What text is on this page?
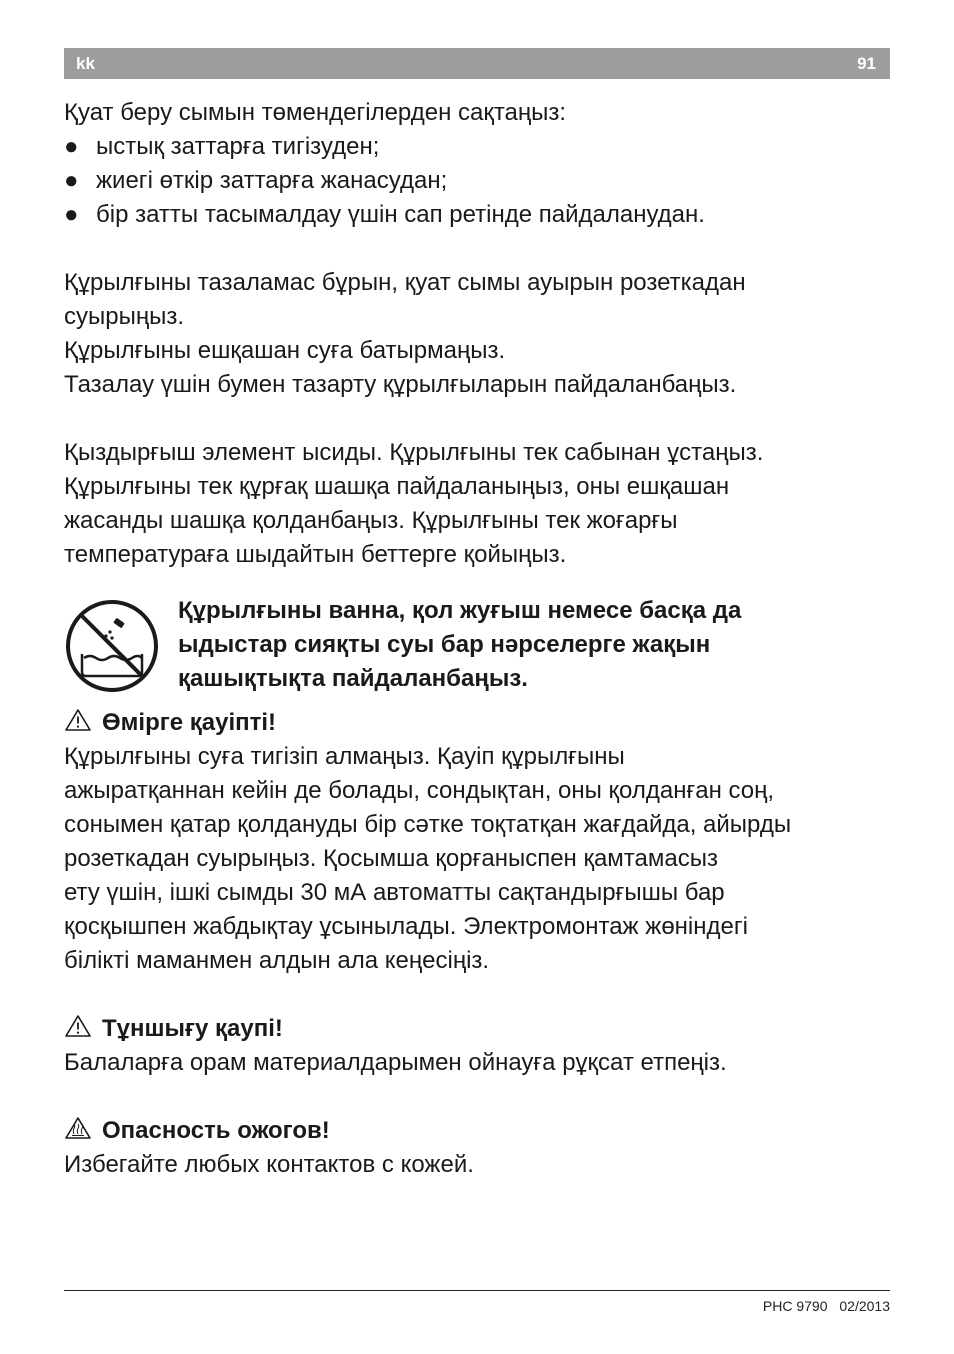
kk	91
Қуат беру сымын төмендегілерден сақтаңыз:
● ыстық заттарға тигізуден;
● жиегі өткір заттарға жанасудан;
● бір затты тасымалдау үшін сап ретінде пайдаланудан.
Құрылғыны тазаламас бұрын, қуат сымы ауырын розеткадан
суырыңыз.
Құрылғыны ешқашан суға батырмаңыз.
Тазалау үшін бумен тазарту құрылғыларын пайдаланбаңыз.
Қыздырғыш элемент ысиды. Құрылғыны тек сабынан ұстаңыз.
Құрылғыны тек құрғақ шашқа пайдаланыңыз, оны ешқашан
жасанды шашқа қолданбаңыз. Құрылғыны тек жоғарғы
температураға шыдайтын беттерге қойыңыз.
Құрылғыны ванна, қол жуғыш немесе басқа да
ыдыстар сияқты суы бар нәрселерге жақын
қашықтықта пайдаланбаңыз.
Өмірге қауіпті!
Құрылғыны суға тигізіп алмаңыз. Қауіп құрылғыны
ажыратқаннан кейін де болады, сондықтан, оны қолданған соң,
сонымен қатар қолдануды бір сәтке тоқтатқан жағдайда, айырды
розеткадан суырыңыз. Қосымша қорғаныспен қамтамасыз
ету үшін, ішкі сымды 30 мА автоматты сақтандырғышы бар
қосқышпен жабдықтау ұсынылады. Электромонтаж жөніндегі
білікті маманмен алдын ала кеңесіңіз.
Тұншығу қаупі!
Балаларға орам материалдарымен ойнауға рұқсат етпеңіз.
Опасность ожогов!
Избегайте любых контактов с кожей.
PHC 9790 02/2013
